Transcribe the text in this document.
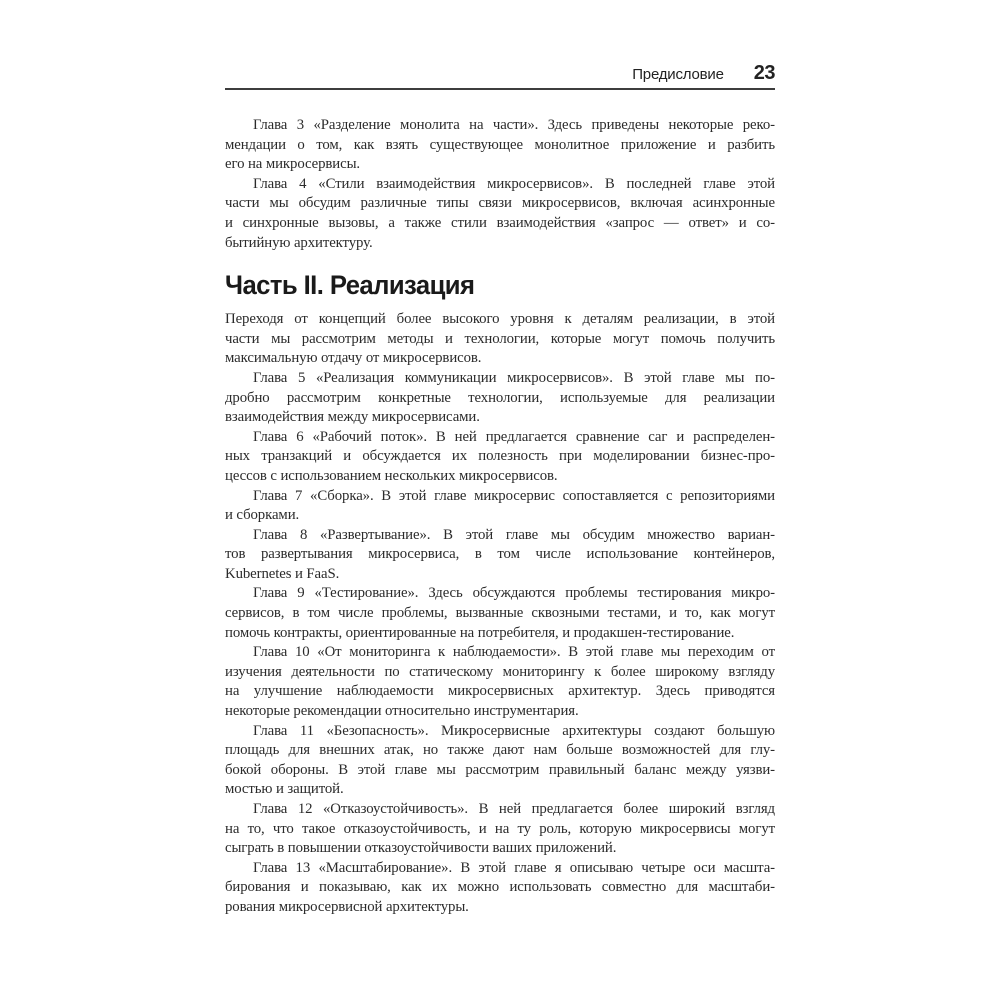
Предисловие 23
Глава 3 «Разделение монолита на части». Здесь приведены некоторые реко-
мендации о том, как взять существующее монолитное приложение и разбить
его на микросервисы.
Глава 4 «Стили взаимодействия микросервисов». В последней главе этой
части мы обсудим различные типы связи микросервисов, включая асинхронные
и синхронные вызовы, а также стили взаимодействия «запрос — ответ» и со-
бытийную архитектуру.
Часть II. Реализация
Переходя от концепций более высокого уровня к деталям реализации, в этой
части мы рассмотрим методы и технологии, которые могут помочь получить
максимальную отдачу от микросервисов.
Глава 5 «Реализация коммуникации микросервисов». В этой главе мы по-
дробно рассмотрим конкретные технологии, используемые для реализации
взаимодействия между микросервисами.
Глава 6 «Рабочий поток». В ней предлагается сравнение саг и распределен-
ных транзакций и обсуждается их полезность при моделировании бизнес-про-
цессов с использованием нескольких микросервисов.
Глава 7 «Сборка». В этой главе микросервис сопоставляется с репозиториями
и сборками.
Глава 8 «Развертывание». В этой главе мы обсудим множество вариан-
тов развертывания микросервиса, в том числе использование контейнеров,
Kubernetes и FaaS.
Глава 9 «Тестирование». Здесь обсуждаются проблемы тестирования микро-
сервисов, в том числе проблемы, вызванные сквозными тестами, и то, как могут
помочь контракты, ориентированные на потребителя, и продакшен-тестирование.
Глава 10 «От мониторинга к наблюдаемости». В этой главе мы переходим от
изучения деятельности по статическому мониторингу к более широкому взгляду
на улучшение наблюдаемости микросервисных архитектур. Здесь приводятся
некоторые рекомендации относительно инструментария.
Глава 11 «Безопасность». Микросервисные архитектуры создают большую
площадь для внешних атак, но также дают нам больше возможностей для глу-
бокой обороны. В этой главе мы рассмотрим правильный баланс между уязви-
мостью и защитой.
Глава 12 «Отказоустойчивость». В ней предлагается более широкий взгляд
на то, что такое отказоустойчивость, и на ту роль, которую микросервисы могут
сыграть в повышении отказоустойчивости ваших приложений.
Глава 13 «Масштабирование». В этой главе я описываю четыре оси масшта-
бирования и показываю, как их можно использовать совместно для масштаби-
рования микросервисной архитектуры.
